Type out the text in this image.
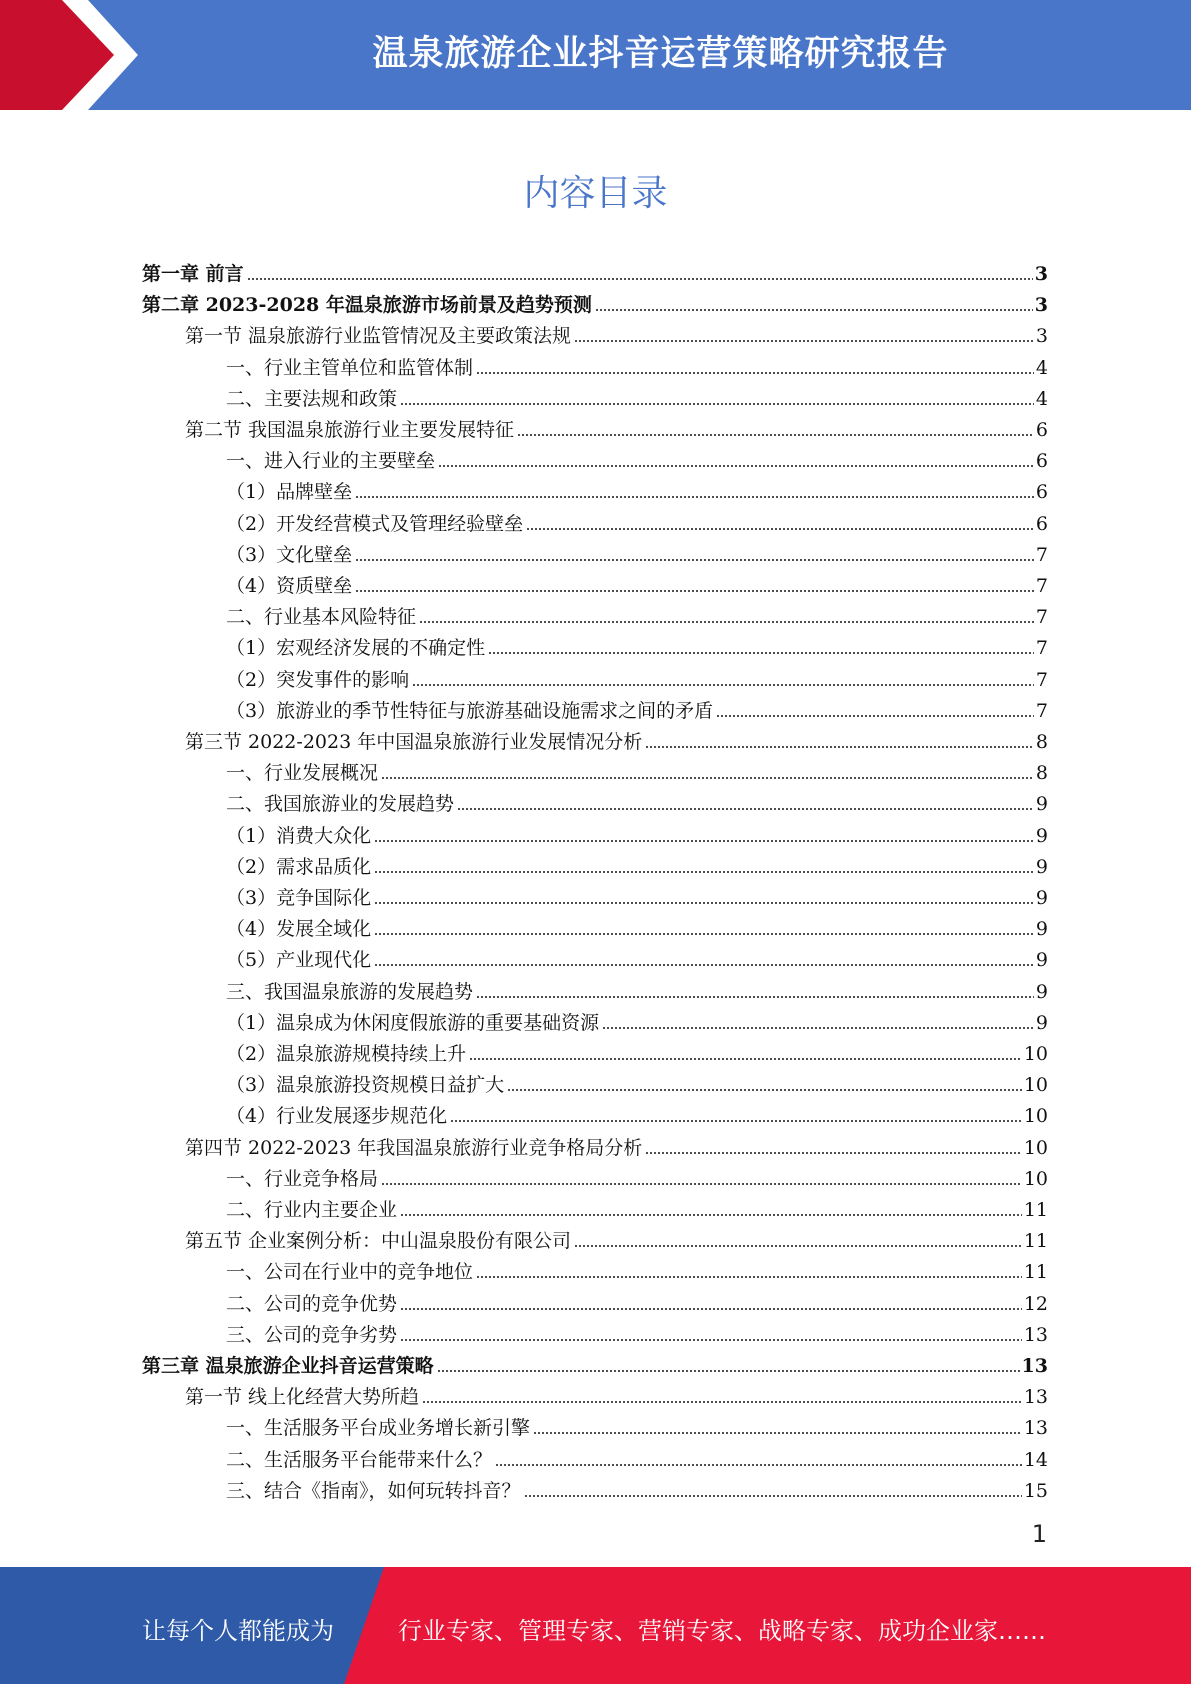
温泉旅游企业抖音运营策略研究报告
内容目录
第一章 前言	3
第二章 2023-2028 年温泉旅游市场前景及趋势预测	3
第一节 温泉旅游行业监管情况及主要政策法规	3
一、行业主管单位和监管体制	4
二、主要法规和政策	4
第二节 我国温泉旅游行业主要发展特征	6
一、进入行业的主要壁垒	6
（1）品牌壁垒	6
（2）开发经营模式及管理经验壁垒	6
（3）文化壁垒	7
（4）资质壁垒	7
二、行业基本风险特征	7
（1）宏观经济发展的不确定性	7
（2）突发事件的影响	7
（3）旅游业的季节性特征与旅游基础设施需求之间的矛盾	7
第三节 2022-2023 年中国温泉旅游行业发展情况分析	8
一、行业发展概况	8
二、我国旅游业的发展趋势	9
（1）消费大众化	9
（2）需求品质化	9
（3）竞争国际化	9
（4）发展全域化	9
（5）产业现代化	9
三、我国温泉旅游的发展趋势	9
（1）温泉成为休闲度假旅游的重要基础资源	9
（2）温泉旅游规模持续上升	10
（3）温泉旅游投资规模日益扩大	10
（4）行业发展逐步规范化	10
第四节 2022-2023 年我国温泉旅游行业竞争格局分析	10
一、行业竞争格局	10
二、行业内主要企业	11
第五节 企业案例分析：中山温泉股份有限公司	11
一、公司在行业中的竞争地位	11
二、公司的竞争优势	12
三、公司的竞争劣势	13
第三章 温泉旅游企业抖音运营策略	13
第一节 线上化经营大势所趋	13
一、生活服务平台成业务增长新引擎	13
二、生活服务平台能带来什么？	14
三、结合《指南》，如何玩转抖音？	15
1
让每个人都能成为	行业专家、管理专家、营销专家、战略专家、成功企业家……
